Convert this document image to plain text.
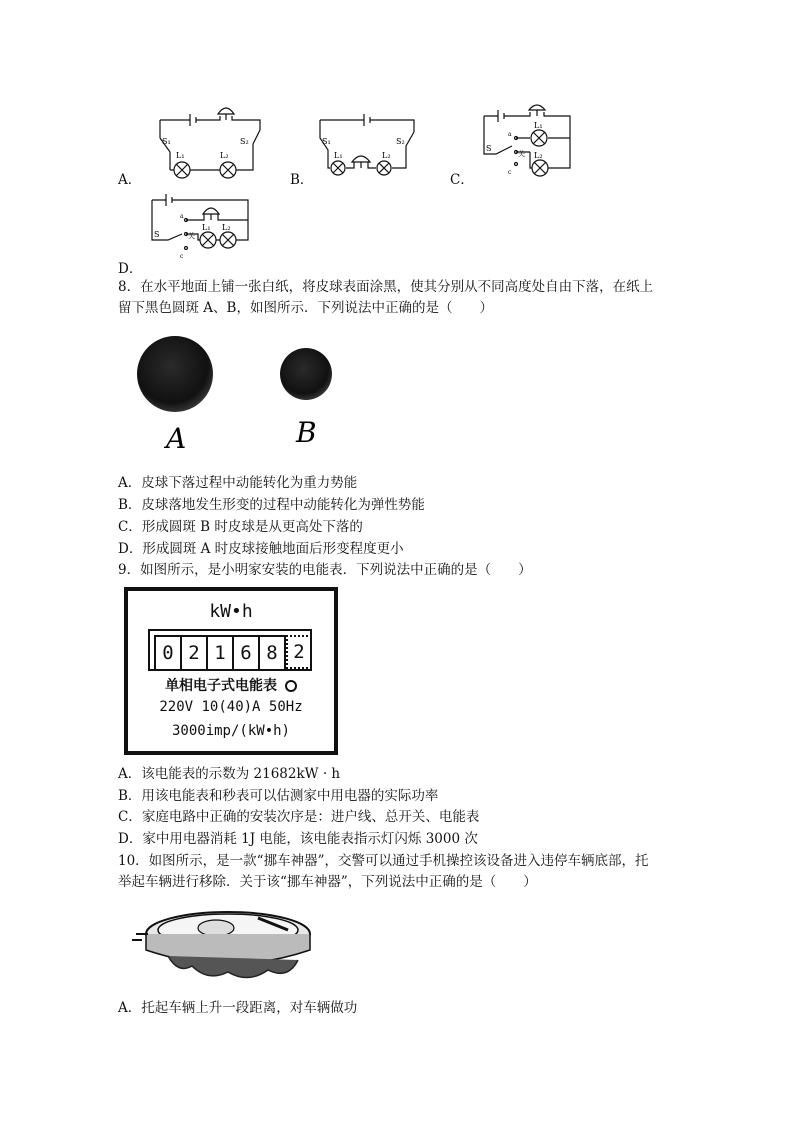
S₁	S₂
L₁	L₂
A．
S₁	S₂
L₁	L₂
B．
S
a
关
c
L₁
L₂
C．
S
a
关
c
L₁ L₂
D．
8．在水平地面上铺一张白纸，将皮球表面涂黑，使其分别从不同高度处自由下落，在纸上
留下黑色圆斑 A、B，如图所示．下列说法中正确的是（　　）
A	B
A．皮球下落过程中动能转化为重力势能
B．皮球落地发生形变的过程中动能转化为弹性势能
C．形成圆斑 B 时皮球是从更高处下落的
D．形成圆斑 A 时皮球接触地面后形变程度更小
9．如图所示，是小明家安装的电能表．下列说法中正确的是（　　）
kW•h
0 2 1 6 8 2
单相电子式电能表
220V 10(40)A 50Hz
3000imp/(kW•h)
A．该电能表的示数为 21682kW · h
B．用该电能表和秒表可以估测家中用电器的实际功率
C．家庭电路中正确的安装次序是：进户线、总开关、电能表
D．家中用电器消耗 1J 电能，该电能表指示灯闪烁 3000 次
10．如图所示，是一款“挪车神器”，交警可以通过手机操控该设备进入违停车辆底部，托
举起车辆进行移除．关于该“挪车神器”，下列说法中正确的是（　　）
A．托起车辆上升一段距离，对车辆做功
